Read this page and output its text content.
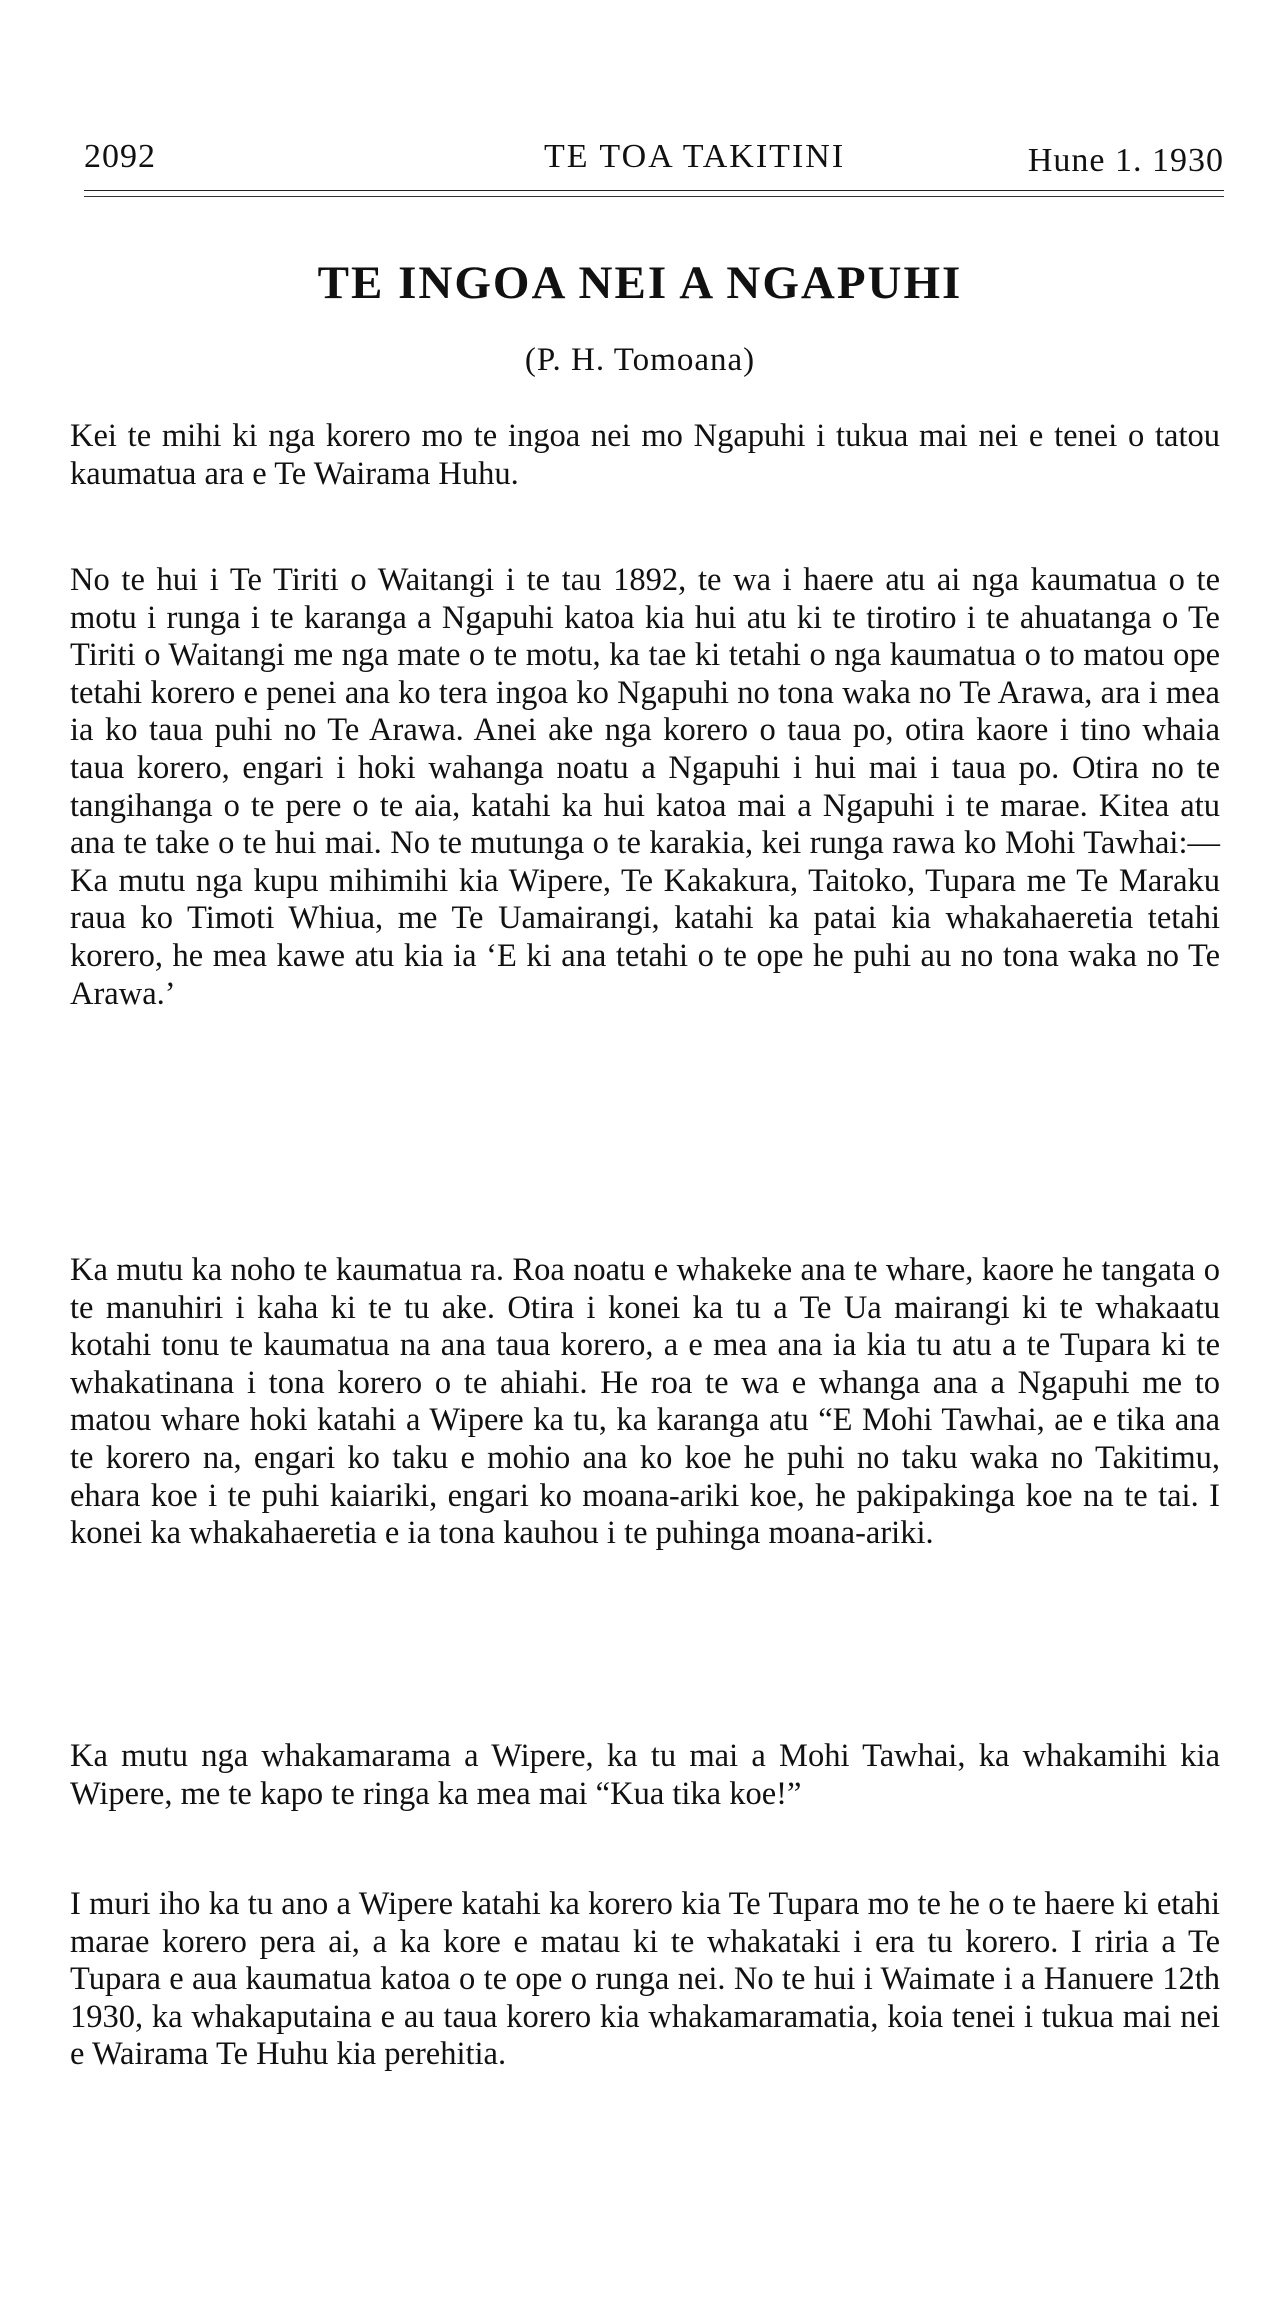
2092	TE TOA TAKITINI	Hune 1. 1930
TE INGOA NEI A NGAPUHI
(P. H. Tomoana)

Kei te mihi ki nga korero mo te ingoa nei mo Ngapuhi i tukua mai nei e tenei o tatou kaumatua ara e Te Wairama Huhu.

No te hui i Te Tiriti o Waitangi i te tau 1892, te wa i haere atu ai nga kaumatua o te motu i runga i te karanga a Ngapuhi katoa kia hui atu ki te tirotiro i te ahuatanga o Te Tiriti o Waitangi me nga mate o te motu, ka tae ki tetahi o nga kaumatua o to matou ope tetahi korero e penei ana ko tera ingoa ko Ngapuhi no tona waka no Te Arawa, ara i mea ia ko taua puhi no Te Arawa. Anei ake nga korero o taua po, otira kaore i tino whaia taua korero, engari i hoki wahanga noatu a Ngapuhi i hui mai i taua po. Otira no te tangihanga o te pere o te aia, katahi ka hui katoa mai a Ngapuhi i te marae. Kitea atu ana te take o te hui mai. No te mutunga o te karakia, kei runga rawa ko Mohi Tawhai:— Ka mutu nga kupu mihimihi kia Wipere, Te Kakakura, Taitoko, Tupara me Te Maraku raua ko Timoti Whiua, me Te Uamairangi, katahi ka patai kia whakahaeretia tetahi korero, he mea kawe atu kia ia ‘E ki ana tetahi o te ope he puhi au no tona waka no Te Arawa.’

Ka mutu ka noho te kaumatua ra. Roa noatu e whakeke ana te whare, kaore he tangata o te manuhiri i kaha ki te tu ake. Otira i konei ka tu a Te Ua mairangi ki te whakaatu kotahi tonu te kaumatua na ana taua korero, a e mea ana ia kia tu atu a te Tupara ki te whakatinana i tona korero o te ahiahi. He roa te wa e whanga ana a Ngapuhi me to matou whare hoki katahi a Wipere ka tu, ka karanga atu “E Mohi Tawhai, ae e tika ana te korero na, engari ko taku e mohio ana ko koe he puhi no taku waka no Takitimu, ehara koe i te puhi kaiariki, engari ko moana-ariki koe, he pakipakinga koe na te tai. I konei ka whakahaeretia e ia tona kauhou i te puhinga moana-ariki.

Ka mutu nga whakamarama a Wipere, ka tu mai a Mohi Tawhai, ka whakamihi kia Wipere, me te kapo te ringa ka mea mai “Kua tika koe!”

I muri iho ka tu ano a Wipere katahi ka korero kia Te Tupara mo te he o te haere ki etahi marae korero pera ai, a ka kore e matau ki te whakataki i era tu korero. I riria a Te Tupara e aua kaumatua katoa o te ope o runga nei. No te hui i Waimate i a Hanuere 12th 1930, ka whakaputaina e au taua korero kia whakamaramatia, koia tenei i tukua mai nei e Wairama Te Huhu kia perehitia.
